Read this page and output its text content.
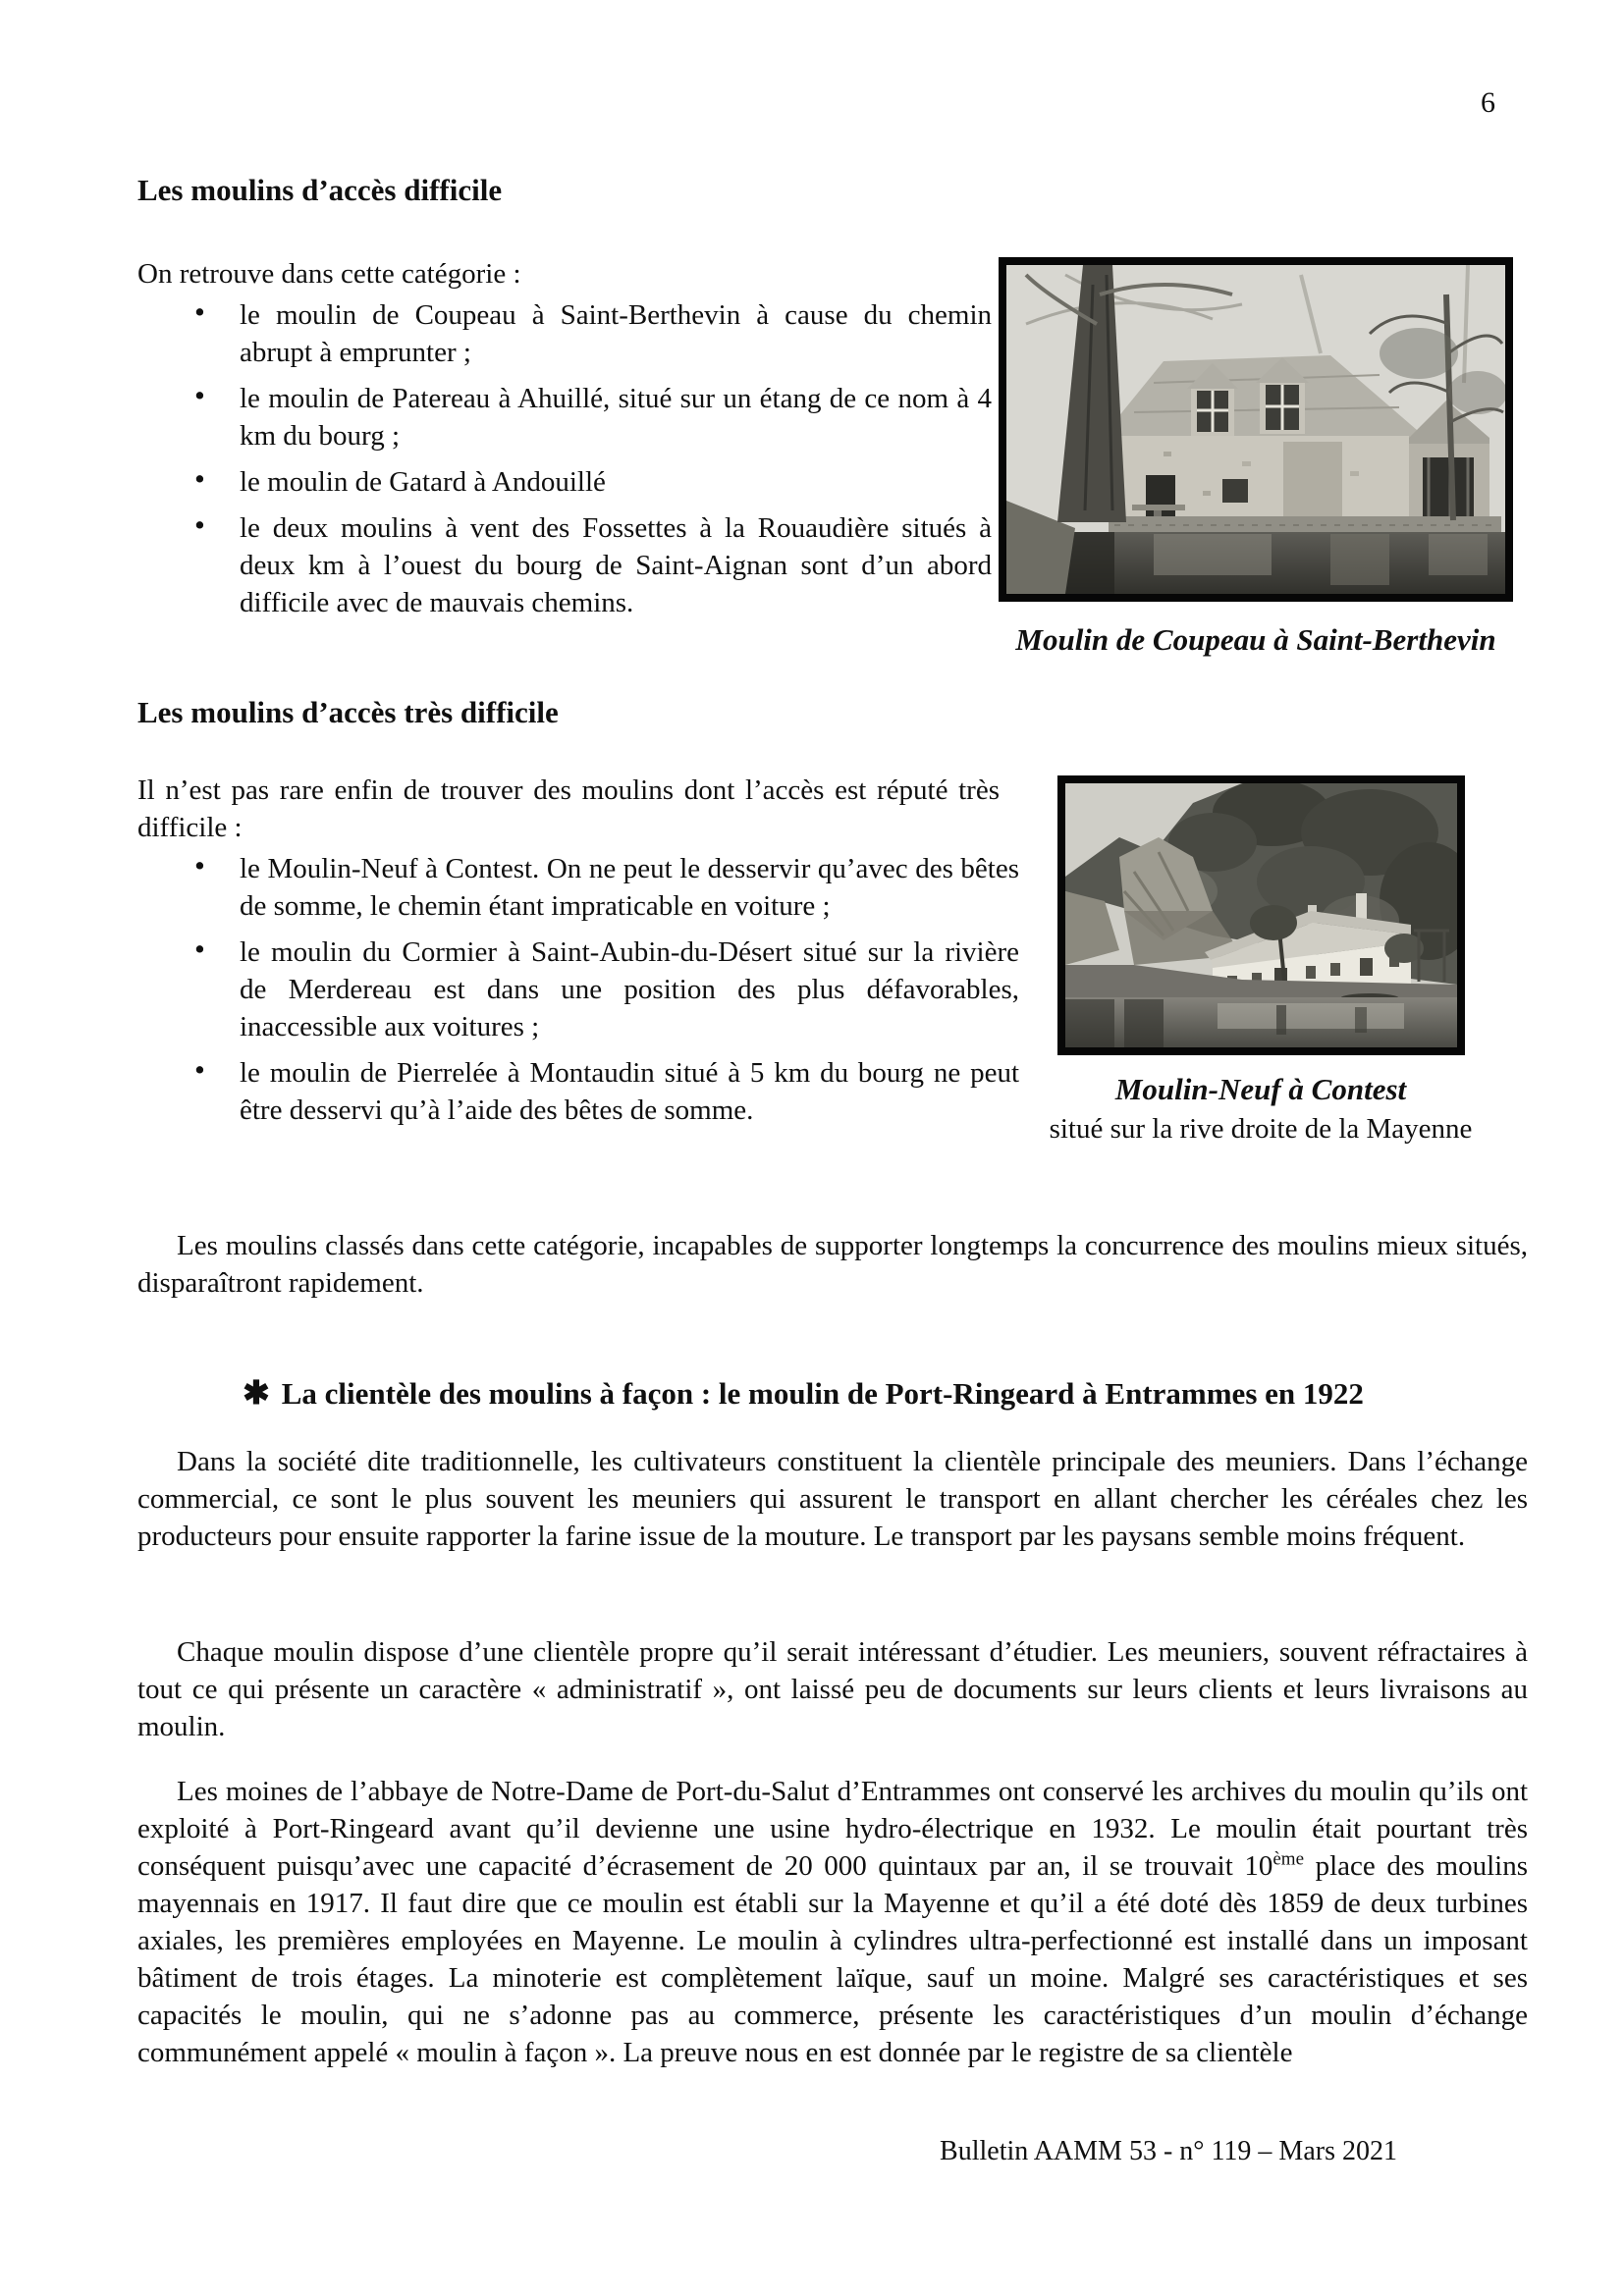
6
Les moulins d’accès difficile

On retrouve dans cette catégorie :

• le moulin de Coupeau à Saint-Berthevin à cause du chemin abrupt à emprunter ;
• le moulin de Patereau à Ahuillé, situé sur un étang de ce nom à 4 km du bourg ;
• le moulin de Gatard à Andouillé
• le deux moulins à vent des Fossettes à la Rouaudière situés à deux km à l’ouest du bourg de Saint-Aignan sont d’un abord difficile avec de mauvais chemins.
Moulin de Coupeau à Saint-Berthevin
Les moulins d’accès très difficile

Il n’est pas rare enfin de trouver des moulins dont l’accès est réputé très difficile :

• le Moulin-Neuf à Contest. On ne peut le desservir qu’avec des bêtes de somme, le chemin étant impraticable en voiture ;
• le moulin du Cormier à Saint-Aubin-du-Désert situé sur la rivière de Merdereau est dans une position des plus défavorables, inaccessible aux voitures ;
• le moulin de Pierrelée à Montaudin situé à 5 km du bourg ne peut être desservi qu’à l’aide des bêtes de somme.
Moulin-Neuf à Contest
situé sur la rive droite de la Mayenne

Les moulins classés dans cette catégorie, incapables de supporter longtemps la concurrence des moulins mieux situés, disparaîtront rapidement.

✱ La clientèle des moulins à façon : le moulin de Port-Ringeard à Entrammes en 1922

Dans la société dite traditionnelle, les cultivateurs constituent la clientèle principale des meuniers. Dans l’échange commercial, ce sont le plus souvent les meuniers qui assurent le transport en allant chercher les céréales chez les producteurs pour ensuite rapporter la farine issue de la mouture. Le transport par les paysans semble moins fréquent.

Chaque moulin dispose d’une clientèle propre qu’il serait intéressant d’étudier. Les meuniers, souvent réfractaires à tout ce qui présente un caractère « administratif », ont laissé peu de documents sur leurs clients et leurs livraisons au moulin.

Les moines de l’abbaye de Notre-Dame de Port-du-Salut d’Entrammes ont conservé les archives du moulin qu’ils ont exploité à Port-Ringeard avant qu’il devienne une usine hydro-électrique en 1932. Le moulin était pourtant très conséquent puisqu’avec une capacité d’écrasement de 20 000 quintaux par an, il se trouvait 10ème place des moulins mayennais en 1917. Il faut dire que ce moulin est établi sur la Mayenne et qu’il a été doté dès 1859 de deux turbines axiales, les premières employées en Mayenne. Le moulin à cylindres ultra-perfectionné est installé dans un imposant bâtiment de trois étages. La minoterie est complètement laïque, sauf un moine. Malgré ses caractéristiques et ses capacités le moulin, qui ne s’adonne pas au commerce, présente les caractéristiques d’un moulin d’échange communément appelé « moulin à façon ». La preuve nous en est donnée par le registre de sa clientèle

Bulletin AAMM 53 - n° 119 – Mars 2021
